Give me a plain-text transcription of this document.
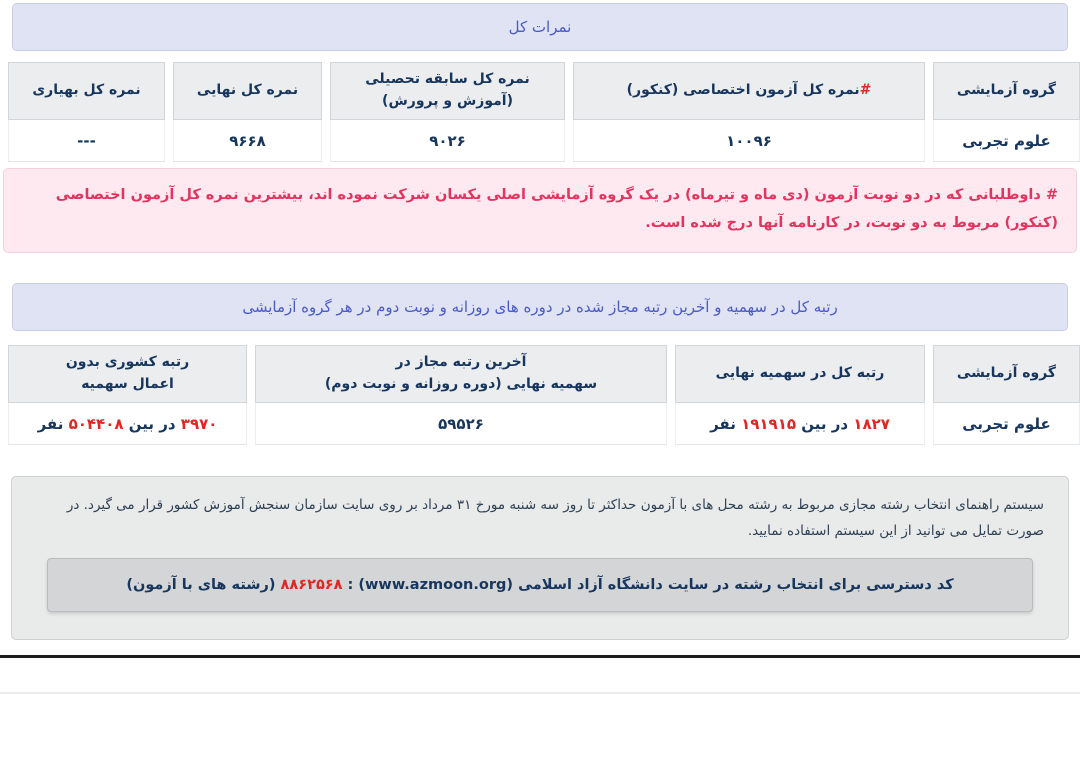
نمرات کل
گروه آزمایشی
#نمره کل آزمون اختصاصی (کنکور)
نمره کل سابقه تحصیلی
(آموزش و پرورش)
نمره کل نهایی
نمره کل بهیاری
علوم تجربی
۱۰۰۹۶
۹۰۲۶
۹۶۶۸
---
# داوطلبانی که در دو نوبت آزمون (دی ماه و تیرماه) در یک گروه آزمایشی اصلی یکسان شرکت نموده اند، بیشترین نمره کل آزمون اختصاصی (کنکور) مربوط به دو نوبت، در کارنامه آنها درج شده است.
رتبه کل در سهمیه و آخرین رتبه مجاز شده در دوره های روزانه و نوبت دوم در هر گروه آزمایشی
گروه آزمایشی
رتبه کل در سهمیه نهایی
آخرین رتبه مجاز در
سهمیه نهایی (دوره روزانه و نوبت دوم)
رتبه کشوری بدون
اعمال سهمیه
علوم تجربی
۱۸۲۷ در بین ۱۹۱۹۱۵ نفر
۵۹۵۲۶
۳۹۷۰ در بین ۵۰۴۴۰۸ نفر
سیستم راهنمای انتخاب رشته مجازی مربوط به رشته محل های با آزمون حداکثر تا روز سه شنبه مورخ ۳۱ مرداد بر روی سایت سازمان سنجش آموزش کشور قرار می گیرد. در صورت تمایل می توانید از این سیستم استفاده نمایید.
کد دسترسی برای انتخاب رشته در سایت دانشگاه آزاد اسلامی (www.azmoon.org) : ۸۸۶۲۵۶۸ (رشته های با آزمون)
